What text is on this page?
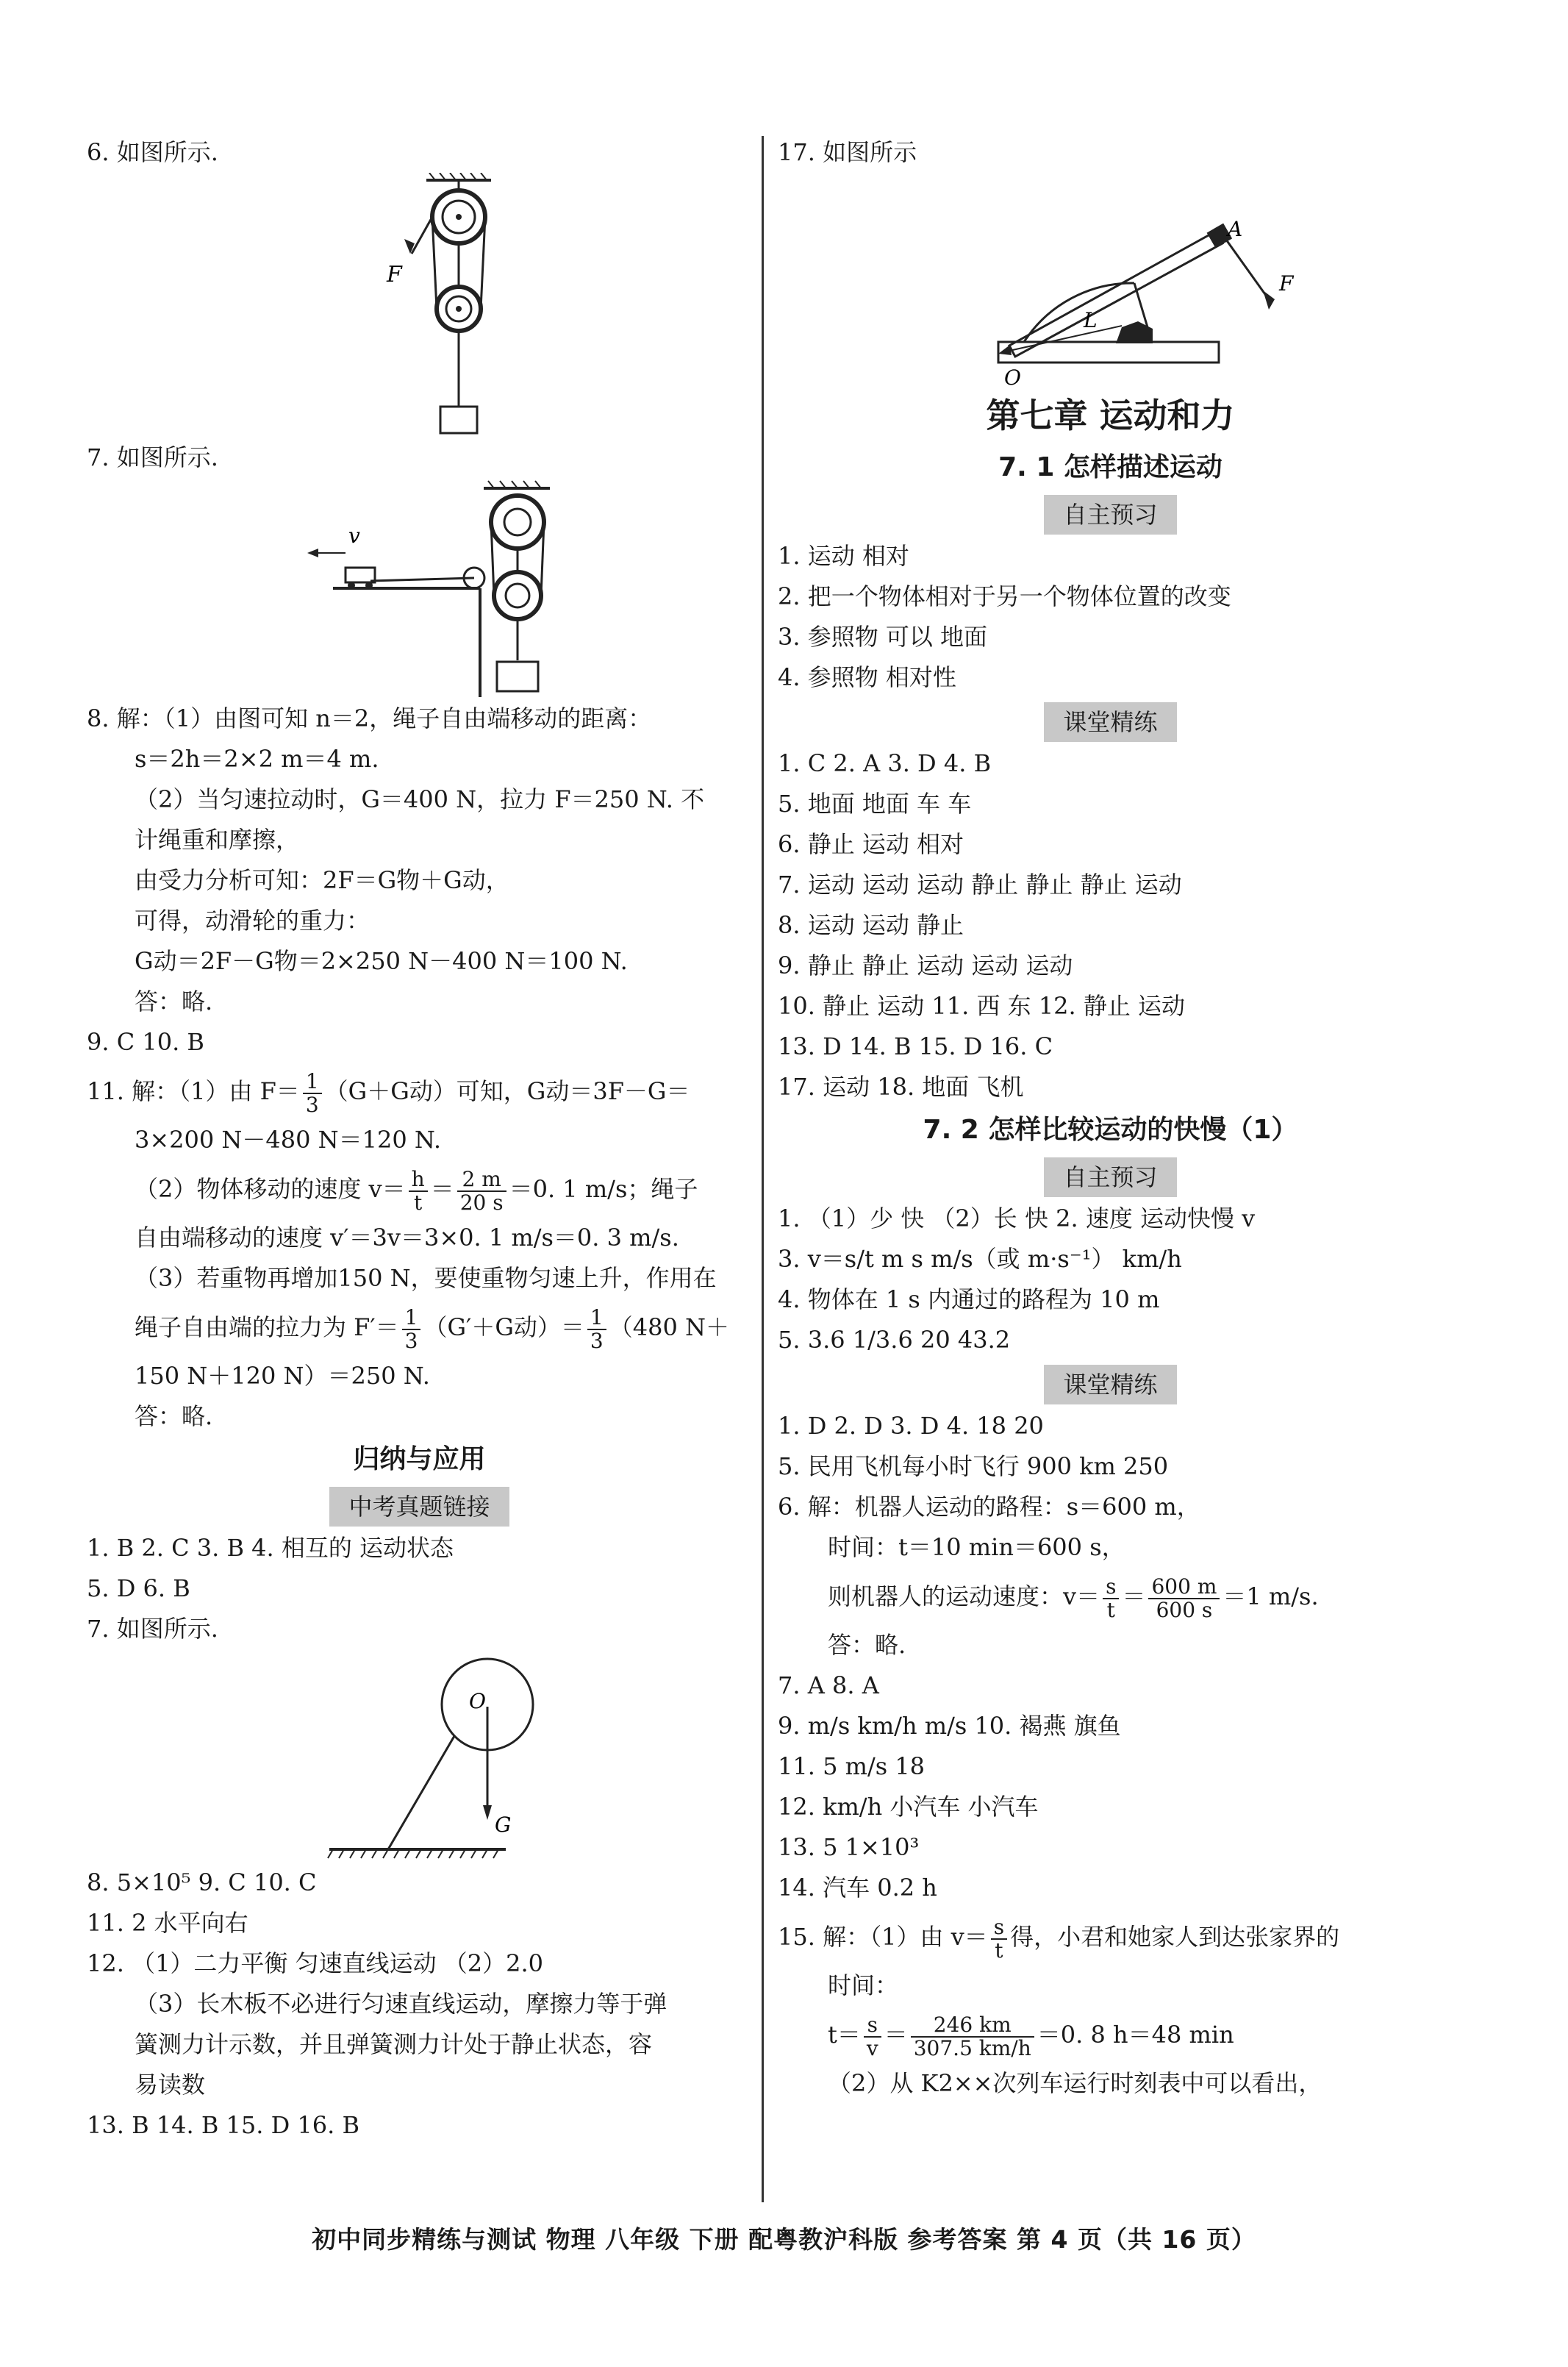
6. 如图所示.
F
7. 如图所示.
v
8. 解：（1）由图可知 n＝2，绳子自由端移动的距离：
s＝2h＝2×2 m＝4 m.
（2）当匀速拉动时，G＝400 N，拉力 F＝250 N. 不
计绳重和摩擦，
由受力分析可知：2F＝G物＋G动，
可得，动滑轮的重力：
G动＝2F－G物＝2×250 N－400 N＝100 N.
答：略.
9. C 10. B
11. 解：（1）由 $F= \frac{1}{3} (G+G$动）可知，G动＝3F－G＝
3×200 N－480 N＝120 N.
（2）物体移动的速度 $v= \frac{h}{t} = \frac{2 m}{20 s} =0$. 1 m/s；绳子
自由端移动的速度 v′＝3v＝3×0. 1 m/s＝0. 3 m/s.
（3）若重物再增加150 N，要使重物匀速上升，作用在
绳子自由端的拉力为 $F'= \frac{1}{3} (G'+G$动）＝ $\frac{1}{3} (480$ N＋
150 N＋120 N）＝250 N.
答：略.
归纳与应用
中考真题链接
1. B 2. C 3. B 4. 相互的 运动状态
5. D 6. B
7. 如图所示.
O
G
8. 5×10⁵ 9. C 10. C
11. 2 水平向右
12. （1）二力平衡 匀速直线运动 （2）2.0
（3）长木板不必进行匀速直线运动，摩擦力等于弹
簧测力计示数，并且弹簧测力计处于静止状态，容
易读数
13. B 14. B 15. D 16. B
17. 如图所示
L
A
F
O
第七章 运动和力
7. 1 怎样描述运动
自主预习
1. 运动 相对
2. 把一个物体相对于另一个物体位置的改变
3. 参照物 可以 地面
4. 参照物 相对性
课堂精练
1. C 2. A 3. D 4. B
5. 地面 地面 车 车
6. 静止 运动 相对
7. 运动 运动 运动 静止 静止 静止 运动
8. 运动 运动 静止
9. 静止 静止 运动 运动 运动
10. 静止 运动 11. 西 东 12. 静止 运动
13. D 14. B 15. D 16. C
17. 运动 18. 地面 飞机
7. 2 怎样比较运动的快慢（1）
自主预习
1. （1）少 快 （2）长 快 2. 速度 运动快慢 v
3. v＝s/t m s m/s（或 m·s⁻¹） km/h
4. 物体在 1 s 内通过的路程为 10 m
5. 3.6 1/3.6 20 43.2
课堂精练
1. D 2. D 3. D 4. 18 20
5. 民用飞机每小时飞行 900 km 250
6. 解：机器人运动的路程：s＝600 m，
时间：t＝10 min＝600 s，
则机器人的运动速度：$v= \frac{s}{t} = \frac{600 m}{600 s} =1$ m/s.
答：略.
7. A 8. A
9. m/s km/h m/s 10. 褐燕 旗鱼
11. 5 m/s 18
12. km/h 小汽车 小汽车
13. 5 1×10³
14. 汽车 0.2 h
15. 解：（1）由 $v= \frac{s}{t}$ 得，小君和她家人到达张家界的
时间：
$t= \frac{s}{v} = \frac{246 km}{307.5 km/h} =0$. 8 h＝48 min
（2）从 K2××次列车运行时刻表中可以看出，
初中同步精练与测试 物理 八年级 下册 配粤教沪科版 参考答案 第 4 页（共 16 页）
